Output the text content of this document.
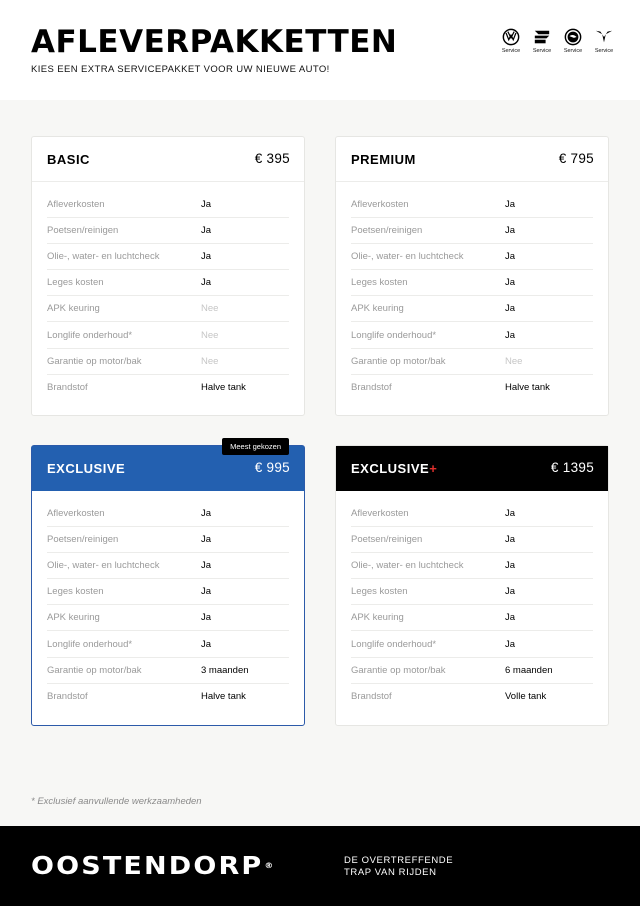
AFLEVERPAKKETTEN
KIES EEN EXTRA SERVICEPAKKET VOOR UW NIEUWE AUTO!
Service Service Service Service
BASIC	€ 395
Afleverkosten	Ja
Poetsen/reinigen	Ja
Olie-, water- en luchtcheck	Ja
Leges kosten	Ja
APK keuring	Nee
Longlife onderhoud*	Nee
Garantie op motor/bak	Nee
Brandstof	Halve tank
PREMIUM	€ 795
Afleverkosten	Ja
Poetsen/reinigen	Ja
Olie-, water- en luchtcheck	Ja
Leges kosten	Ja
APK keuring	Ja
Longlife onderhoud*	Ja
Garantie op motor/bak	Nee
Brandstof	Halve tank
Meest gekozen
EXCLUSIVE	€ 995
Afleverkosten	Ja
Poetsen/reinigen	Ja
Olie-, water- en luchtcheck	Ja
Leges kosten	Ja
APK keuring	Ja
Longlife onderhoud*	Ja
Garantie op motor/bak	3 maanden
Brandstof	Halve tank
EXCLUSIVE+	€ 1395
Afleverkosten	Ja
Poetsen/reinigen	Ja
Olie-, water- en luchtcheck	Ja
Leges kosten	Ja
APK keuring	Ja
Longlife onderhoud*	Ja
Garantie op motor/bak	6 maanden
Brandstof	Volle tank
* Exclusief aanvullende werkzaamheden
OOSTENDORP®	DE OVERTREFFENDE
TRAP VAN RIJDEN
